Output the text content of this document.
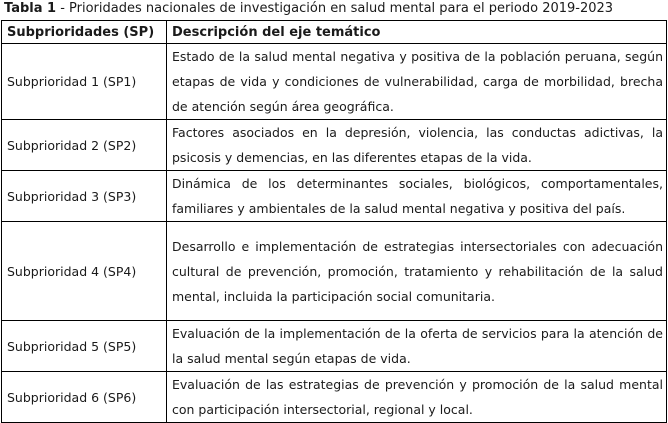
Tabla 1 - Prioridades nacionales de investigación en salud mental para el periodo 2019-2023
Subprioridades (SP)	Descripción del eje temático
Subprioridad 1 (SP1)	Estado de la salud mental negativa y positiva de la población peruana, según etapas de vida y condiciones de vulnerabilidad, carga de morbilidad, brecha de atención según área geográfica.
Subprioridad 2 (SP2)	Factores asociados en la depresión, violencia, las conductas adictivas, la psicosis y demencias, en las diferentes etapas de la vida.
Subprioridad 3 (SP3)	Dinámica de los determinantes sociales, biológicos, comportamentales, familiares y ambientales de la salud mental negativa y positiva del país.
Subprioridad 4 (SP4)	Desarrollo e implementación de estrategias intersectoriales con adecuación cultural de prevención, promoción, tratamiento y rehabilitación de la salud mental, incluida la participación social comunitaria.
Subprioridad 5 (SP5)	Evaluación de la implementación de la oferta de servicios para la atención de la salud mental según etapas de vida.
Subprioridad 6 (SP6)	Evaluación de las estrategias de prevención y promoción de la salud mental con participación intersectorial, regional y local.
